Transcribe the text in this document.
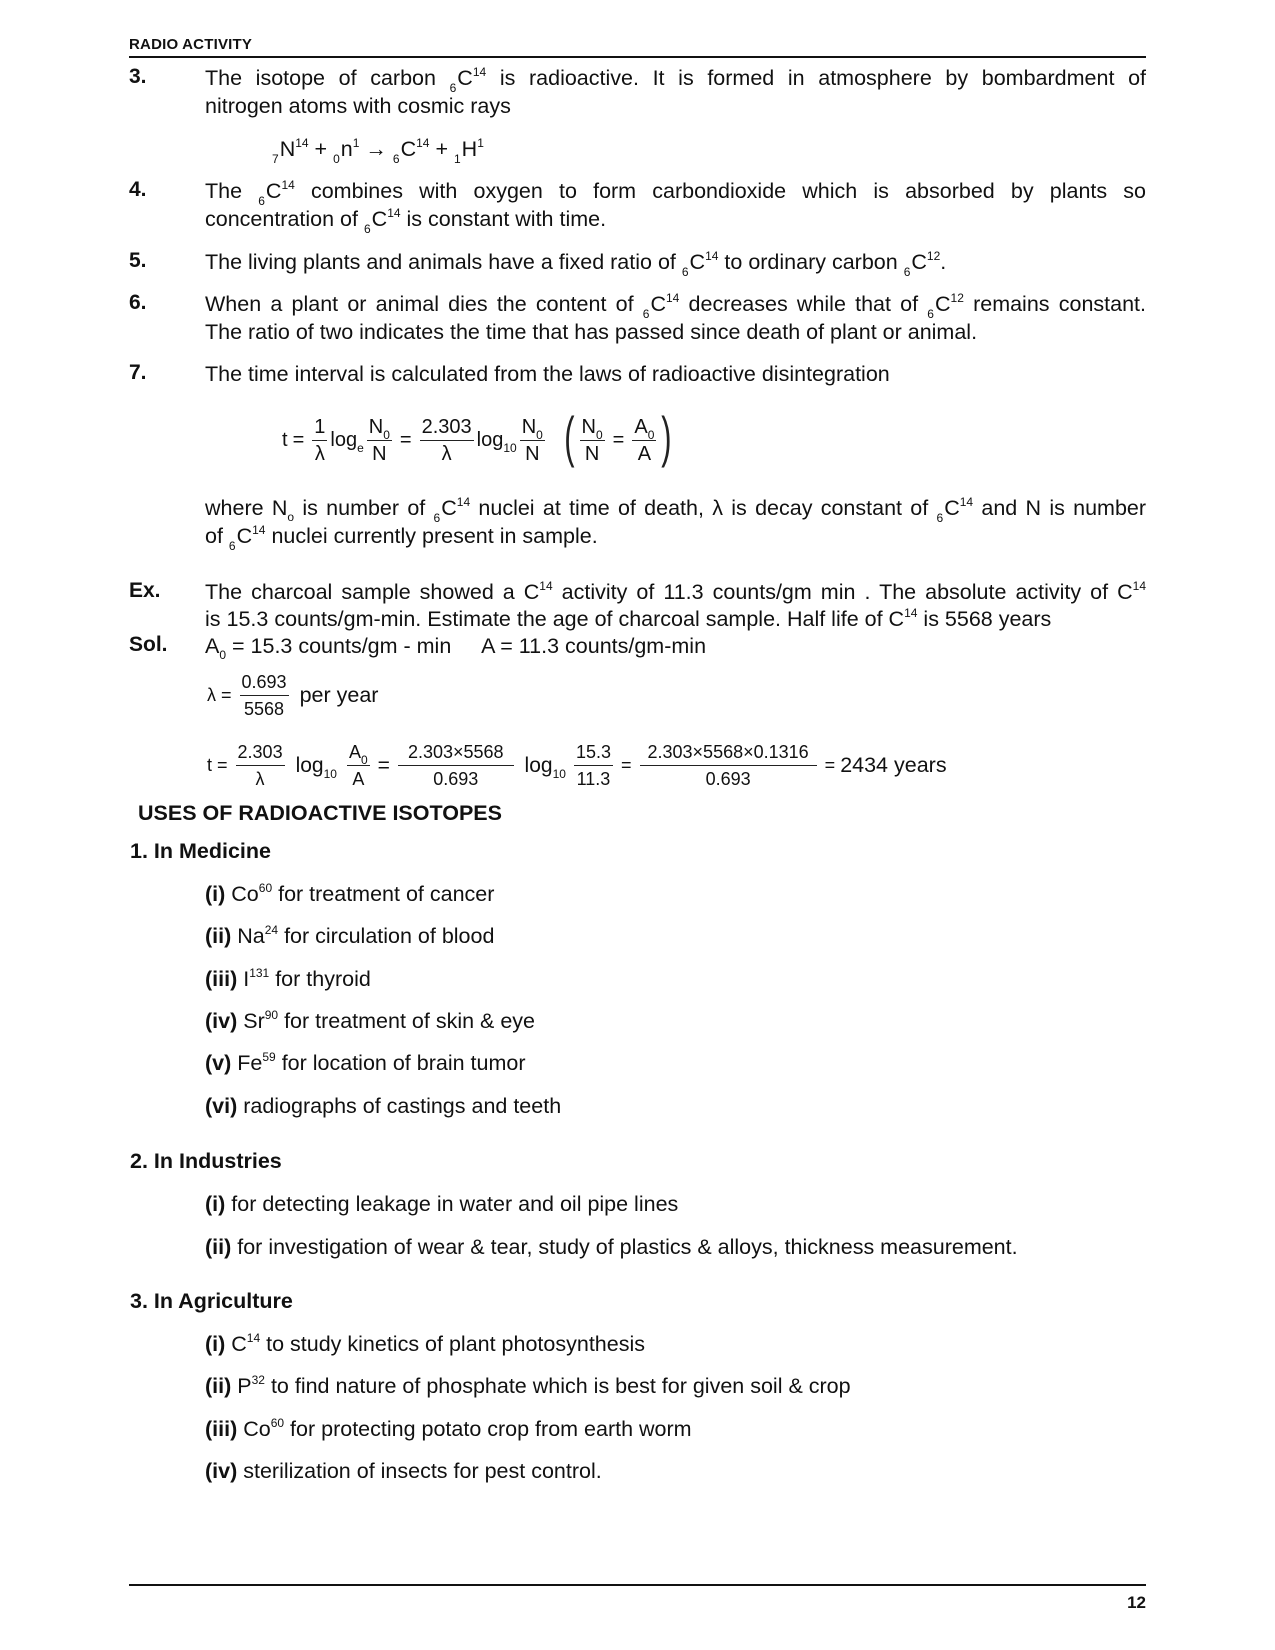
RADIO ACTIVITY
3.	The isotope of carbon $_6C^{14}$ is radioactive. It is formed in atmosphere by bombardment of
nitrogen atoms with cosmic rays
$_7N^{14} + _0n^1 \to _6C^{14} + _1H^1$
4.	The $_6C^{14}$ combines with oxygen to form carbondioxide which is absorbed by plants so
concentration of $_6C^{14}$ is constant with time.
5.	The living plants and animals have a fixed ratio of $_6C^{14}$ to ordinary carbon $_6C^{12}$.
6.	When a plant or animal dies the content of $_6C^{14}$ decreases while that of $_6C^{12}$ remains constant.
The ratio of two indicates the time that has passed since death of plant or animal.
7.	The time interval is calculated from the laws of radioactive disintegration
$t = \frac{1}{\lambda} \log_e \frac{N_0}{N} = \frac{2.303}{\lambda} \log_{10} \frac{N_0}{N}$ ( $\frac{N_0}{N} = \frac{A_0}{A}$ )
where $N_o$ is number of $_6C^{14}$ nuclei at time of death, λ is decay constant of $_6C^{14}$ and N is number
of $_6C^{14}$ nuclei currently present in sample.
Ex. The charcoal sample showed a $C^{14}$ activity of 11.3 counts/gm min . The absolute activity of $C^{14}$
is 15.3 counts/gm-min. Estimate the age of charcoal sample. Half life of $C^{14}$ is 5568 years
Sol. $A_0 = 15.3$ counts/gm - min     A = 11.3 counts/gm-min
$\lambda = \frac{0.693}{5568}$ per year
$t = \frac{2.303}{\lambda} \log_{10} \frac{A_0}{A} = \frac{2.303\times 5568}{0.693} \log_{10} \frac{15.3}{11.3} = \frac{2.303\times 5568\times 0.1316}{0.693} = 2434$ years
USES OF RADIOACTIVE ISOTOPES
1. In Medicine
(i) Co$^{60}$ for treatment of cancer
(ii) Na$^{24}$ for circulation of blood
(iii) $I^{131}$ for thyroid
(iv) Sr$^{90}$ for treatment of skin & eye
(v) Fe$^{59}$ for location of brain tumor
(vi) radiographs of castings and teeth
2. In Industries
(i) for detecting leakage in water and oil pipe lines
(ii) for investigation of wear & tear, study of plastics & alloys, thickness measurement.
3. In Agriculture
(i) $C^{14}$ to study kinetics of plant photosynthesis
(ii) $P^{32}$ to find nature of phosphate which is best for given soil & crop
(iii) Co$^{60}$ for protecting potato crop from earth worm
(iv) sterilization of insects for pest control.
12
